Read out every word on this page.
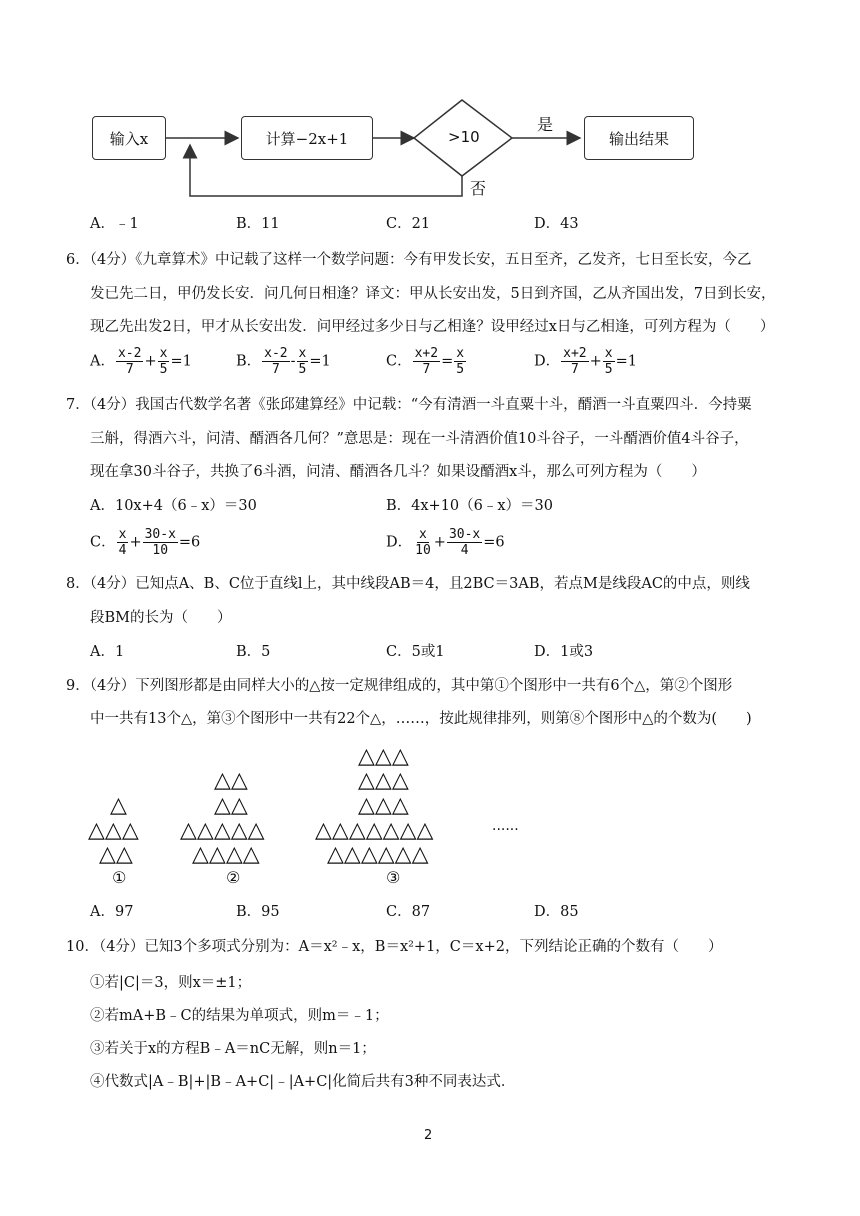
输入x	计算−2x+1	>10
是
否
输出结果
A．﹣1	B．11	C．21	D．43
6．（4分）《九章算术》中记载了这样一个数学问题：今有甲发长安，五日至齐，乙发齐，七日至长安，今乙
发已先二日，甲仍发长安．问几何日相逢？译文：甲从长安出发，5日到齐国，乙从齐国出发，7日到长安，
现乙先出发2日，甲才从长安出发．问甲经过多少日与乙相逢？设甲经过x日与乙相逢，可列方程为（　　）
A． $\frac{x-2}{7} + \frac{x}{5} =1$	B． $\frac{x-2}{7} - \frac{x}{5} =1$	C． $\frac{x+2}{7} = \frac{x}{5}$	D． $\frac{x+2}{7} + \frac{x}{5} =1$
7．（4分）我国古代数学名著《张邱建算经》中记载：“今有清酒一斗直粟十斗，醑酒一斗直粟四斗．今持粟
三斛，得酒六斗，问清、醑酒各几何？”意思是：现在一斗清酒价值10斗谷子，一斗醑酒价值4斗谷子，
现在拿30斗谷子，共换了6斗酒，问清、醑酒各几斗？如果设醑酒x斗，那么可列方程为（　　）
A．10x+4（6﹣x）＝30	B．4x+10（6﹣x）＝30
C． $\frac{x}{4} + \frac{30-x}{10} =6$	D． $\frac{x}{10} + \frac{30-x}{4} =6$
8．（4分）已知点A、B、C位于直线l上，其中线段AB＝4，且2BC＝3AB，若点M是线段AC的中点，则线
段BM的长为（　　）
A．1	B．5	C．5或1	D．1或3
9．（4分）下列图形都是由同样大小的△按一定规律组成的，其中第①个图形中一共有6个△，第②个图形
中一共有13个△，第③个图形中一共有22个△，……，按此规律排列，则第⑧个图形中△的个数为(　　)
△
△△△
△△
①
△△
△△
△△△△△
△△△△
②
△△△
△△△
△△△
△△△△△△△
△△△△△△
③
......
A．97	B．95	C．87	D．85
10．（4分）已知3个多项式分别为：A＝x²﹣x，B＝x²+1，C＝x+2，下列结论正确的个数有（　　）
①若|C|＝3，则x＝±1；
②若mA+B﹣C的结果为单项式，则m＝﹣1；
③若关于x的方程B﹣A＝nC无解，则n＝1；
④代数式|A﹣B|+|B﹣A+C|﹣|A+C|化简后共有3种不同表达式．
2
